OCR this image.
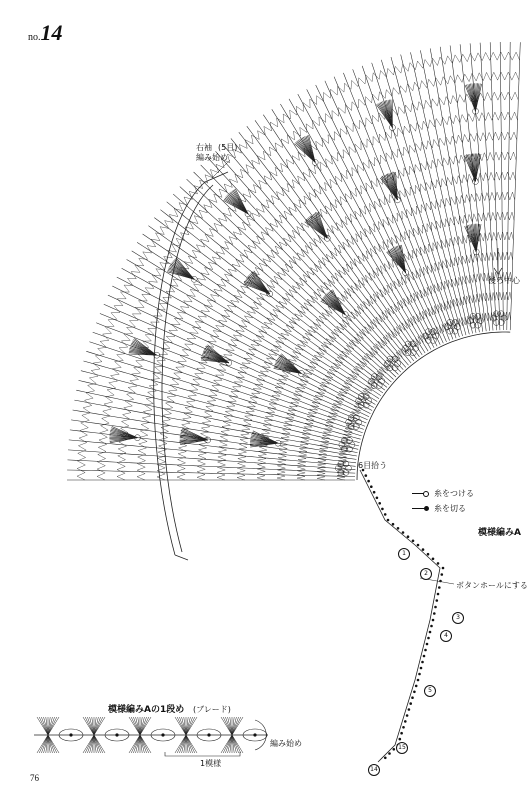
no.14
右袖 (5目)
編み始め
後ろ中心
6目拾う
ボタンホールにする
模様編みA
模様編みAの1段め (ブレード)
1模様
編み始め
糸をつける
糸を切る
1
2
3
4
5
15
14
76
